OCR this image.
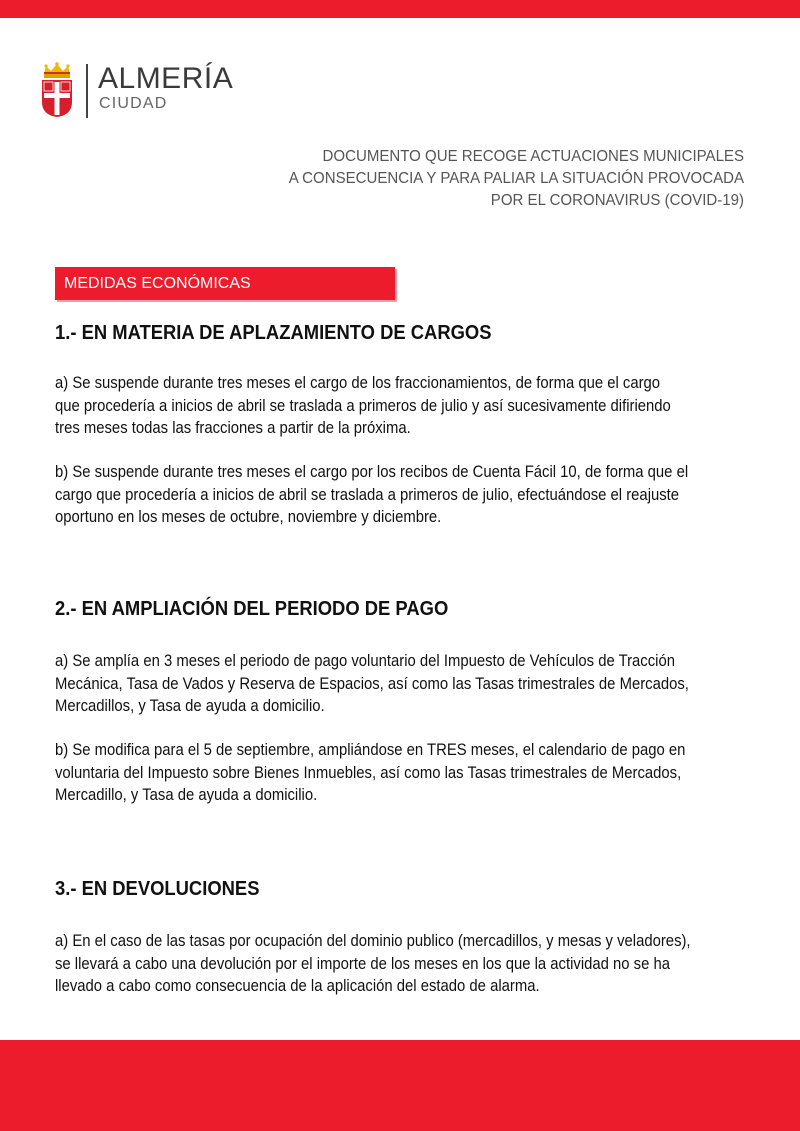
ALMERÍA
CIUDAD
DOCUMENTO QUE RECOGE ACTUACIONES MUNICIPALES
A CONSECUENCIA Y PARA PALIAR LA SITUACIÓN PROVOCADA
POR EL CORONAVIRUS (COVID-19)
MEDIDAS ECONÓMICAS
1.- EN MATERIA DE APLAZAMIENTO DE CARGOS
a) Se suspende durante tres meses el cargo de los fraccionamientos, de forma que el cargo
que procedería a inicios de abril se traslada a primeros de julio y así sucesivamente difiriendo
tres meses todas las fracciones a partir de la próxima.
b) Se suspende durante tres meses el cargo por los recibos de Cuenta Fácil 10, de forma que el
cargo que procedería a inicios de abril se traslada a primeros de julio, efectuándose el reajuste
oportuno en los meses de octubre, noviembre y diciembre.
2.- EN AMPLIACIÓN DEL PERIODO DE PAGO
a) Se amplía en 3 meses el periodo de pago voluntario del Impuesto de Vehículos de Tracción
Mecánica, Tasa de Vados y Reserva de Espacios, así como las Tasas trimestrales de Mercados,
Mercadillos, y Tasa de ayuda a domicilio.
b) Se modifica para el 5 de septiembre, ampliándose en TRES meses, el calendario de pago en
voluntaria del Impuesto sobre Bienes Inmuebles, así como las Tasas trimestrales de Mercados,
Mercadillo, y Tasa de ayuda a domicilio.
3.- EN DEVOLUCIONES
a) En el caso de las tasas por ocupación del dominio publico (mercadillos, y mesas y veladores),
se llevará a cabo una devolución por el importe de los meses en los que la actividad no se ha
llevado a cabo como consecuencia de la aplicación del estado de alarma.
